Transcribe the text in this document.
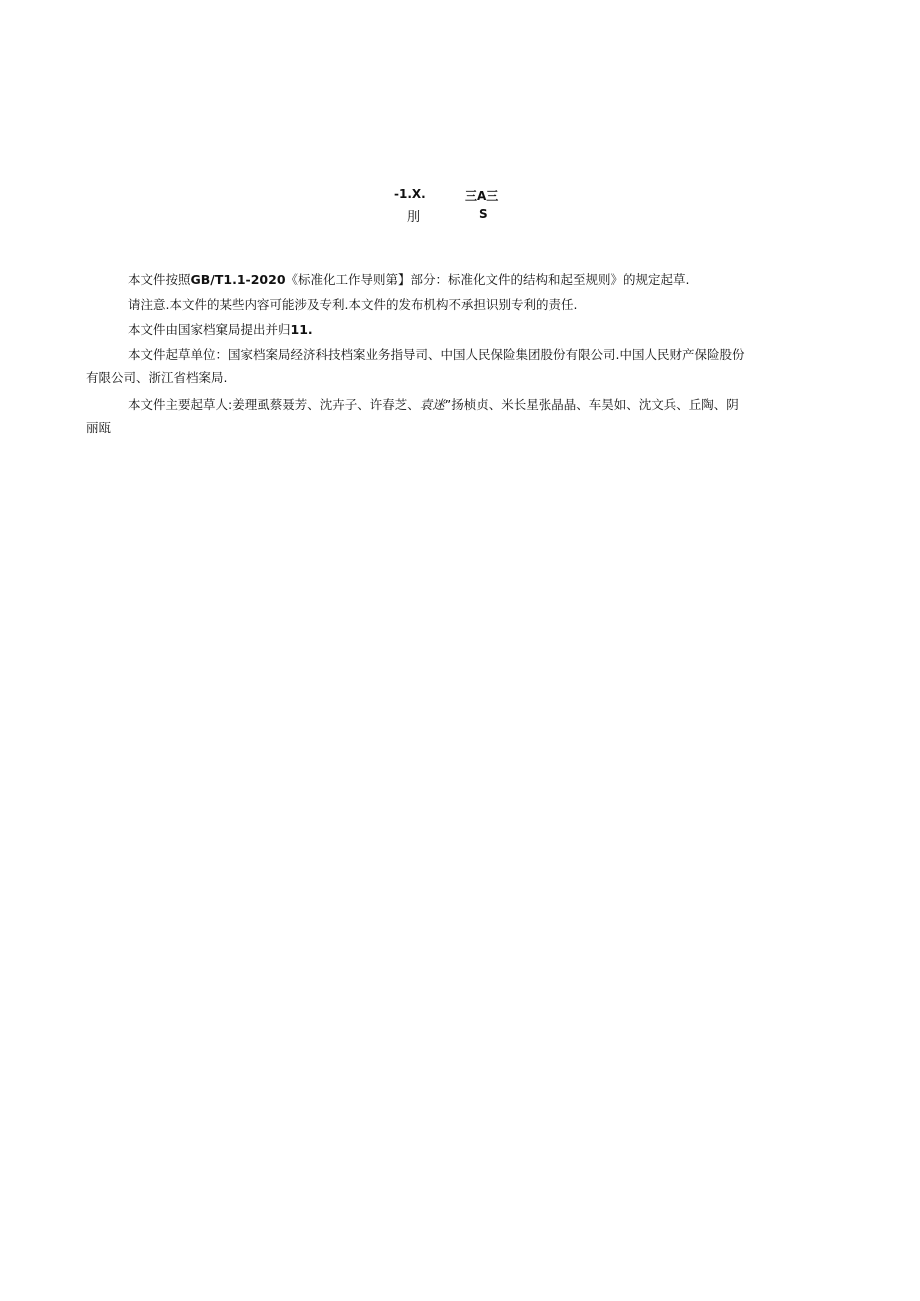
-1.X.	三A三
刖	S
本文件按照GB/T1.1-2020《标准化工作导则第】部分：标准化文件的结构和起至规则》的规定起草.
请注意.本文件的某些内容可能涉及专利.本文件的发布机构不承担识别专利的责任.
本文件由国家档窠局提出并归11.
本文件起草单位：国家档案局经济科技档案业务指导司、中国人民保险集团股份有限公司.中国人民财产保险股份
有限公司、浙江省档案局.
本文件主要起草人:姜理虱蔡聂芳、沈卉子、许春芝、袁迷”扬桢贞、米长星张晶晶、车昊如、沈文兵、丘陶、阴
丽瓯
